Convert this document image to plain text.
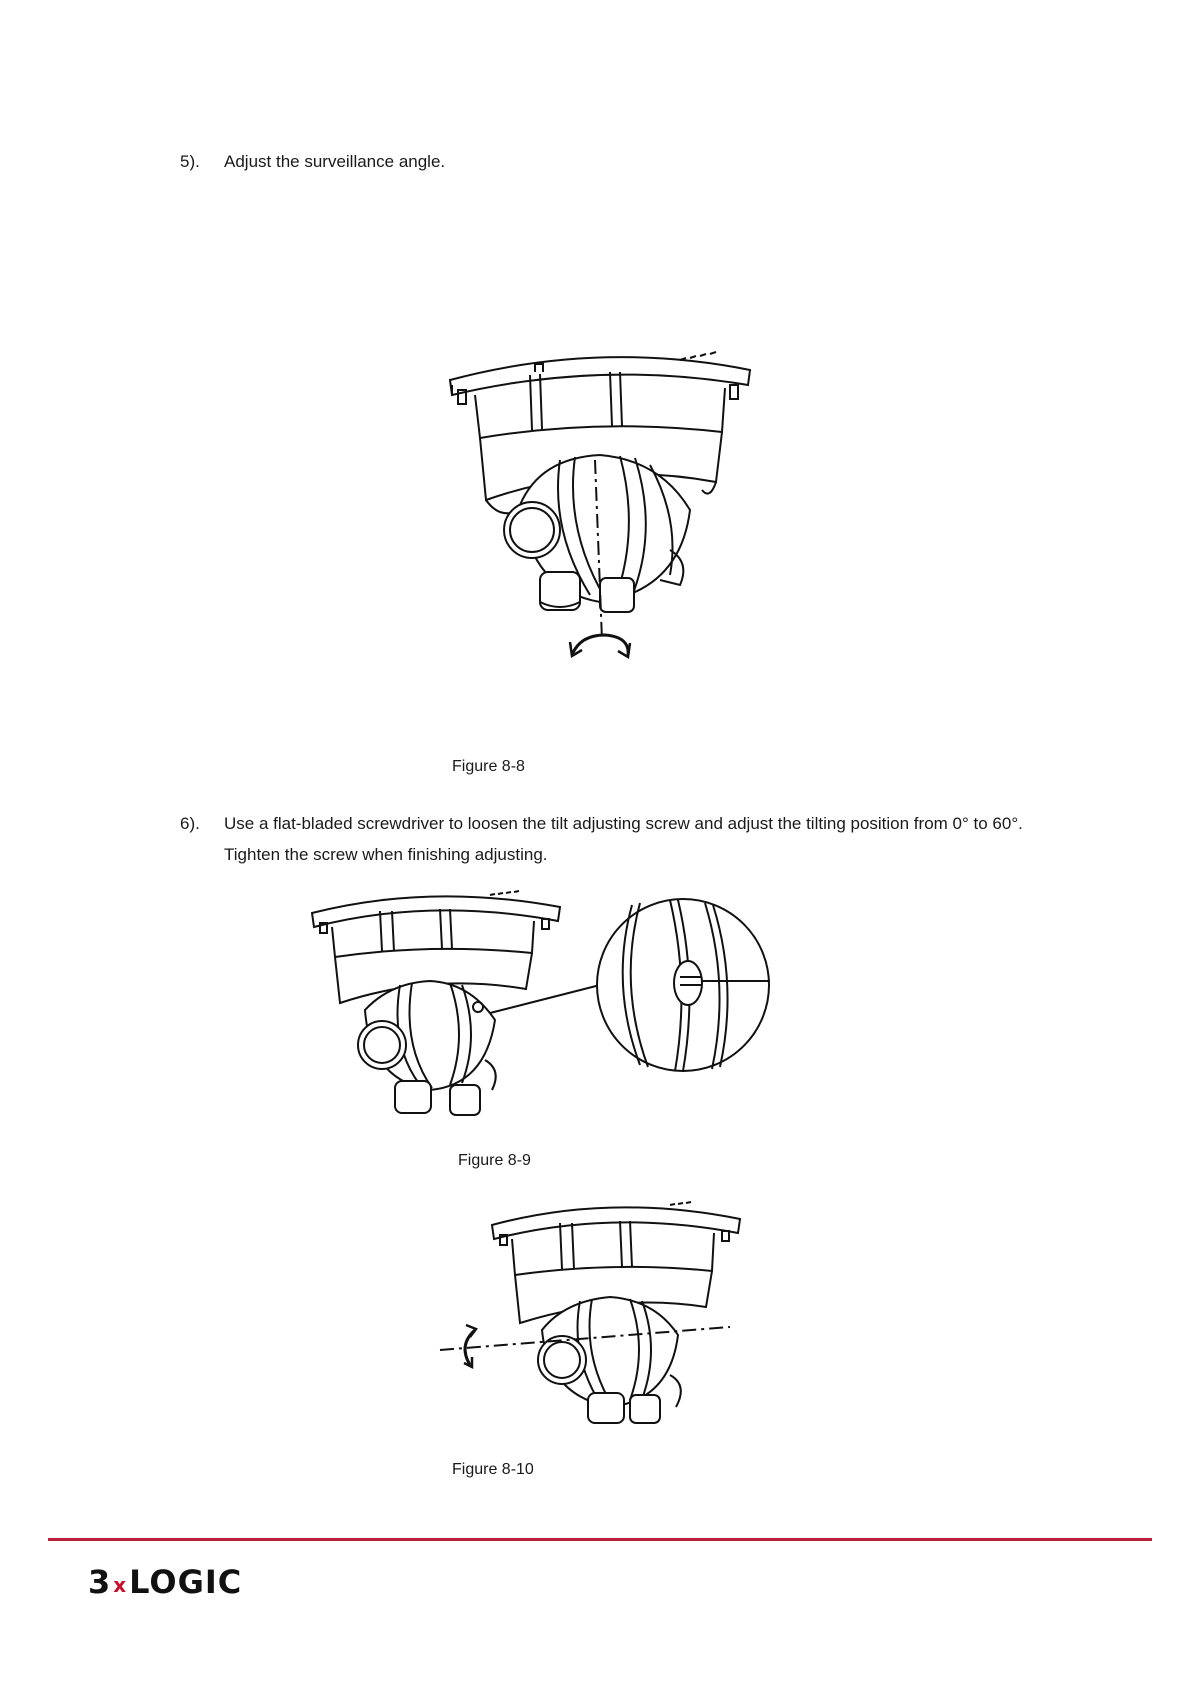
5). Adjust the surveillance angle.
Figure 8-8
6). Use a flat-bladed screwdriver to loosen the tilt adjusting screw and adjust the tilting position from 0° to 60°. Tighten the screw when finishing adjusting.
Figure 8-9
Figure 8-10
3 x LOGIC
